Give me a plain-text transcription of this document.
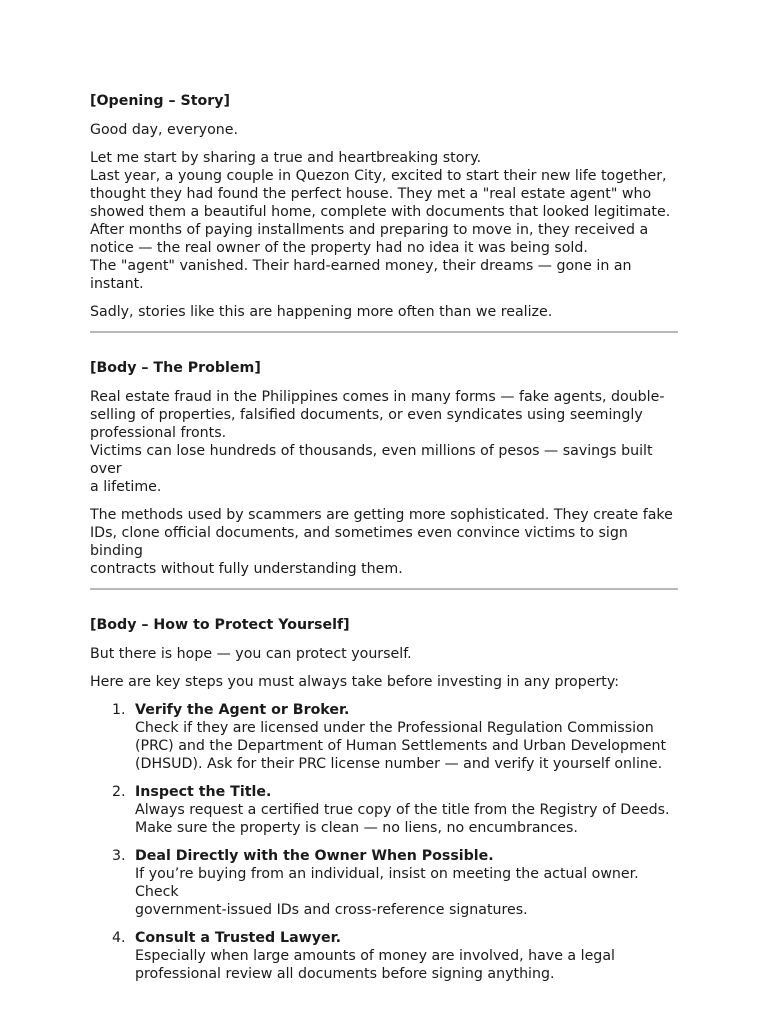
[Opening – Story]

Good day, everyone.

Let me start by sharing a true and heartbreaking story.
Last year, a young couple in Quezon City, excited to start their new life together,
thought they had found the perfect house. They met a "real estate agent" who
showed them a beautiful home, complete with documents that looked legitimate.
After months of paying installments and preparing to move in, they received a
notice — the real owner of the property had no idea it was being sold.
The "agent" vanished. Their hard-earned money, their dreams — gone in an instant.

Sadly, stories like this are happening more often than we realize.

[Body – The Problem]

Real estate fraud in the Philippines comes in many forms — fake agents, double-
selling of properties, falsified documents, or even syndicates using seemingly
professional fronts.
Victims can lose hundreds of thousands, even millions of pesos — savings built over
a lifetime.

The methods used by scammers are getting more sophisticated. They create fake
IDs, clone official documents, and sometimes even convince victims to sign binding
contracts without fully understanding them.

[Body – How to Protect Yourself]

But there is hope — you can protect yourself.

Here are key steps you must always take before investing in any property:

1. Verify the Agent or Broker.
Check if they are licensed under the Professional Regulation Commission
(PRC) and the Department of Human Settlements and Urban Development
(DHSUD). Ask for their PRC license number — and verify it yourself online.
2. Inspect the Title.
Always request a certified true copy of the title from the Registry of Deeds.
Make sure the property is clean — no liens, no encumbrances.
3. Deal Directly with the Owner When Possible.
If you’re buying from an individual, insist on meeting the actual owner. Check
government-issued IDs and cross-reference signatures.
4. Consult a Trusted Lawyer.
Especially when large amounts of money are involved, have a legal
professional review all documents before signing anything.
